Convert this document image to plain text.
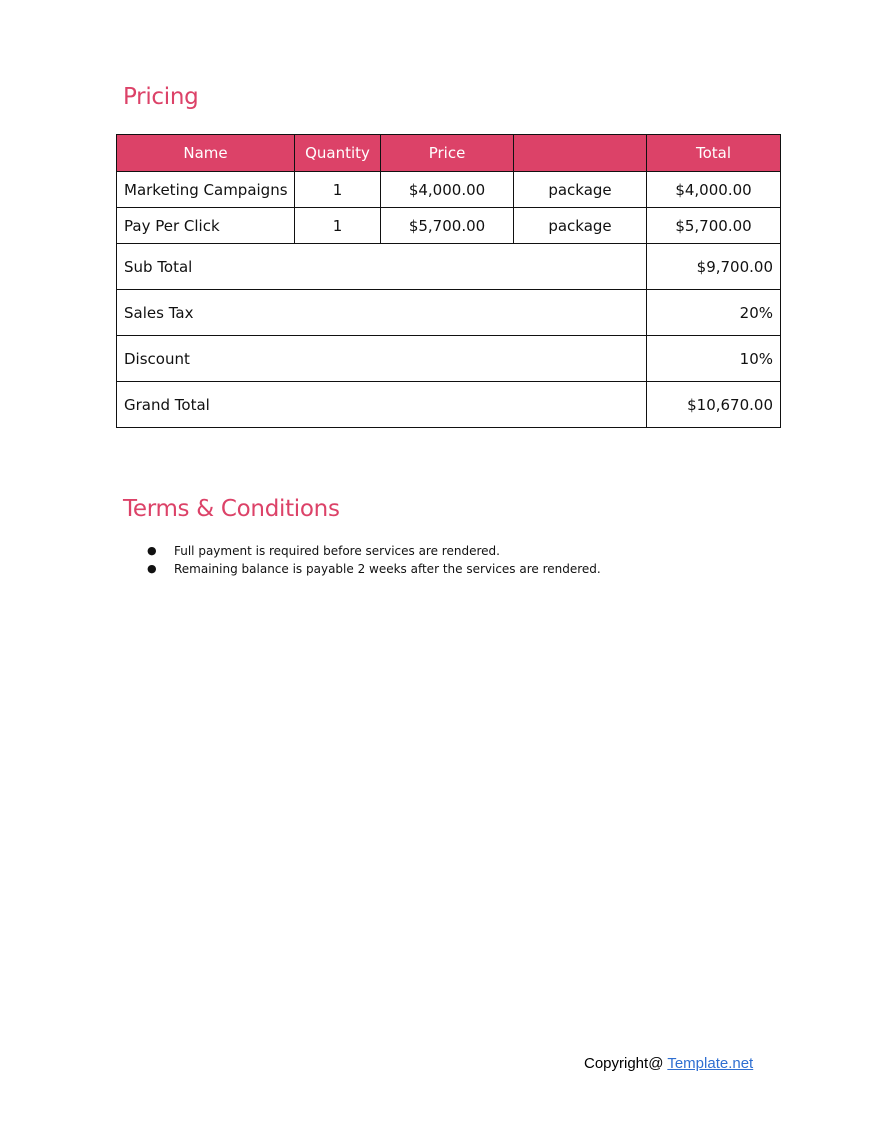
Pricing
Name	Quantity	Price		Total
Marketing Campaigns	1	$4,000.00	package	$4,000.00
Pay Per Click	1	$5,700.00	package	$5,700.00
Sub Total				$9,700.00
Sales Tax				20%
Discount				10%
Grand Total				$10,670.00
Terms & Conditions
● Full payment is required before services are rendered.
● Remaining balance is payable 2 weeks after the services are rendered.
Copyright@ Template.net
